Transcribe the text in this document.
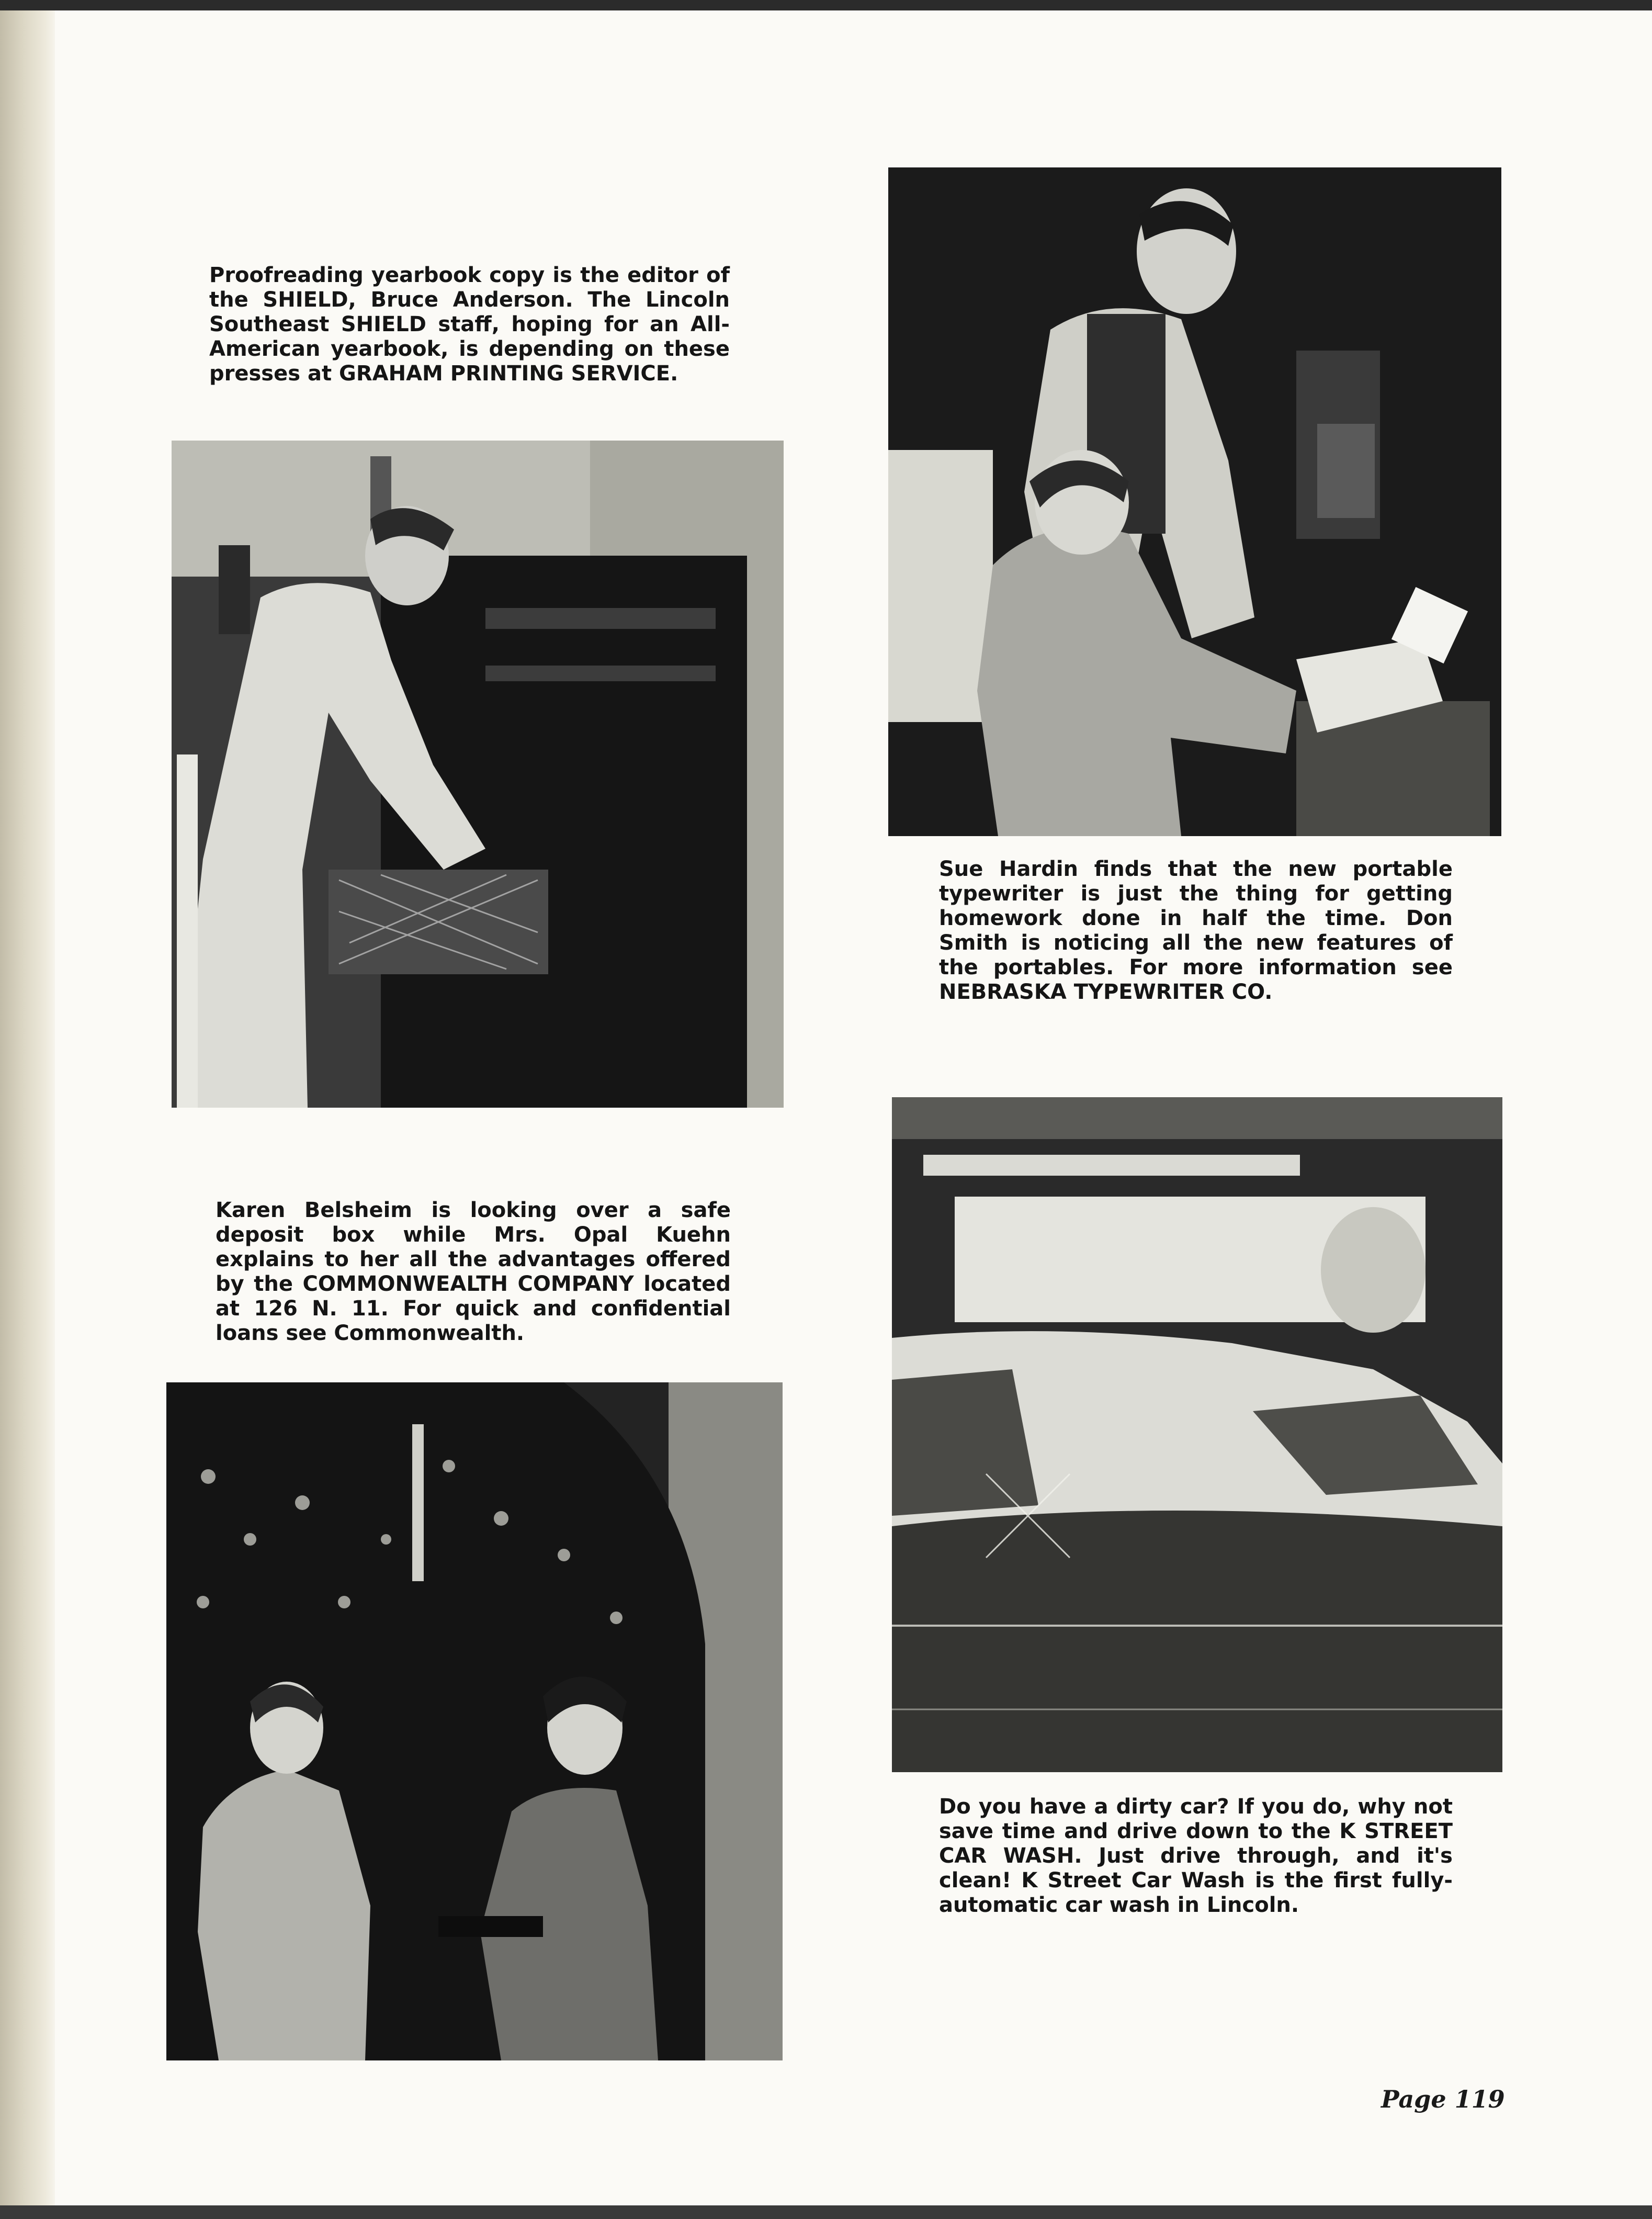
Proofreading yearbook copy is the editor of the SHIELD, Bruce Anderson. The Lincoln Southeast SHIELD staff, hoping for an All-American yearbook, is depending on these presses at GRAHAM PRINTING SERVICE.

Sue Hardin finds that the new portable typewriter is just the thing for getting homework done in half the time. Don Smith is noticing all the new features of the portables. For more information see NEBRASKA TYPEWRITER CO.

Karen Belsheim is looking over a safe deposit box while Mrs. Opal Kuehn explains to her all the advantages offered by the COMMONWEALTH COMPANY located at 126 N. 11. For quick and confidential loans see Commonwealth.

Do you have a dirty car? If you do, why not save time and drive down to the K STREET CAR WASH. Just drive through, and it's clean! K Street Car Wash is the first fully-automatic car wash in Lincoln.

Page 119
